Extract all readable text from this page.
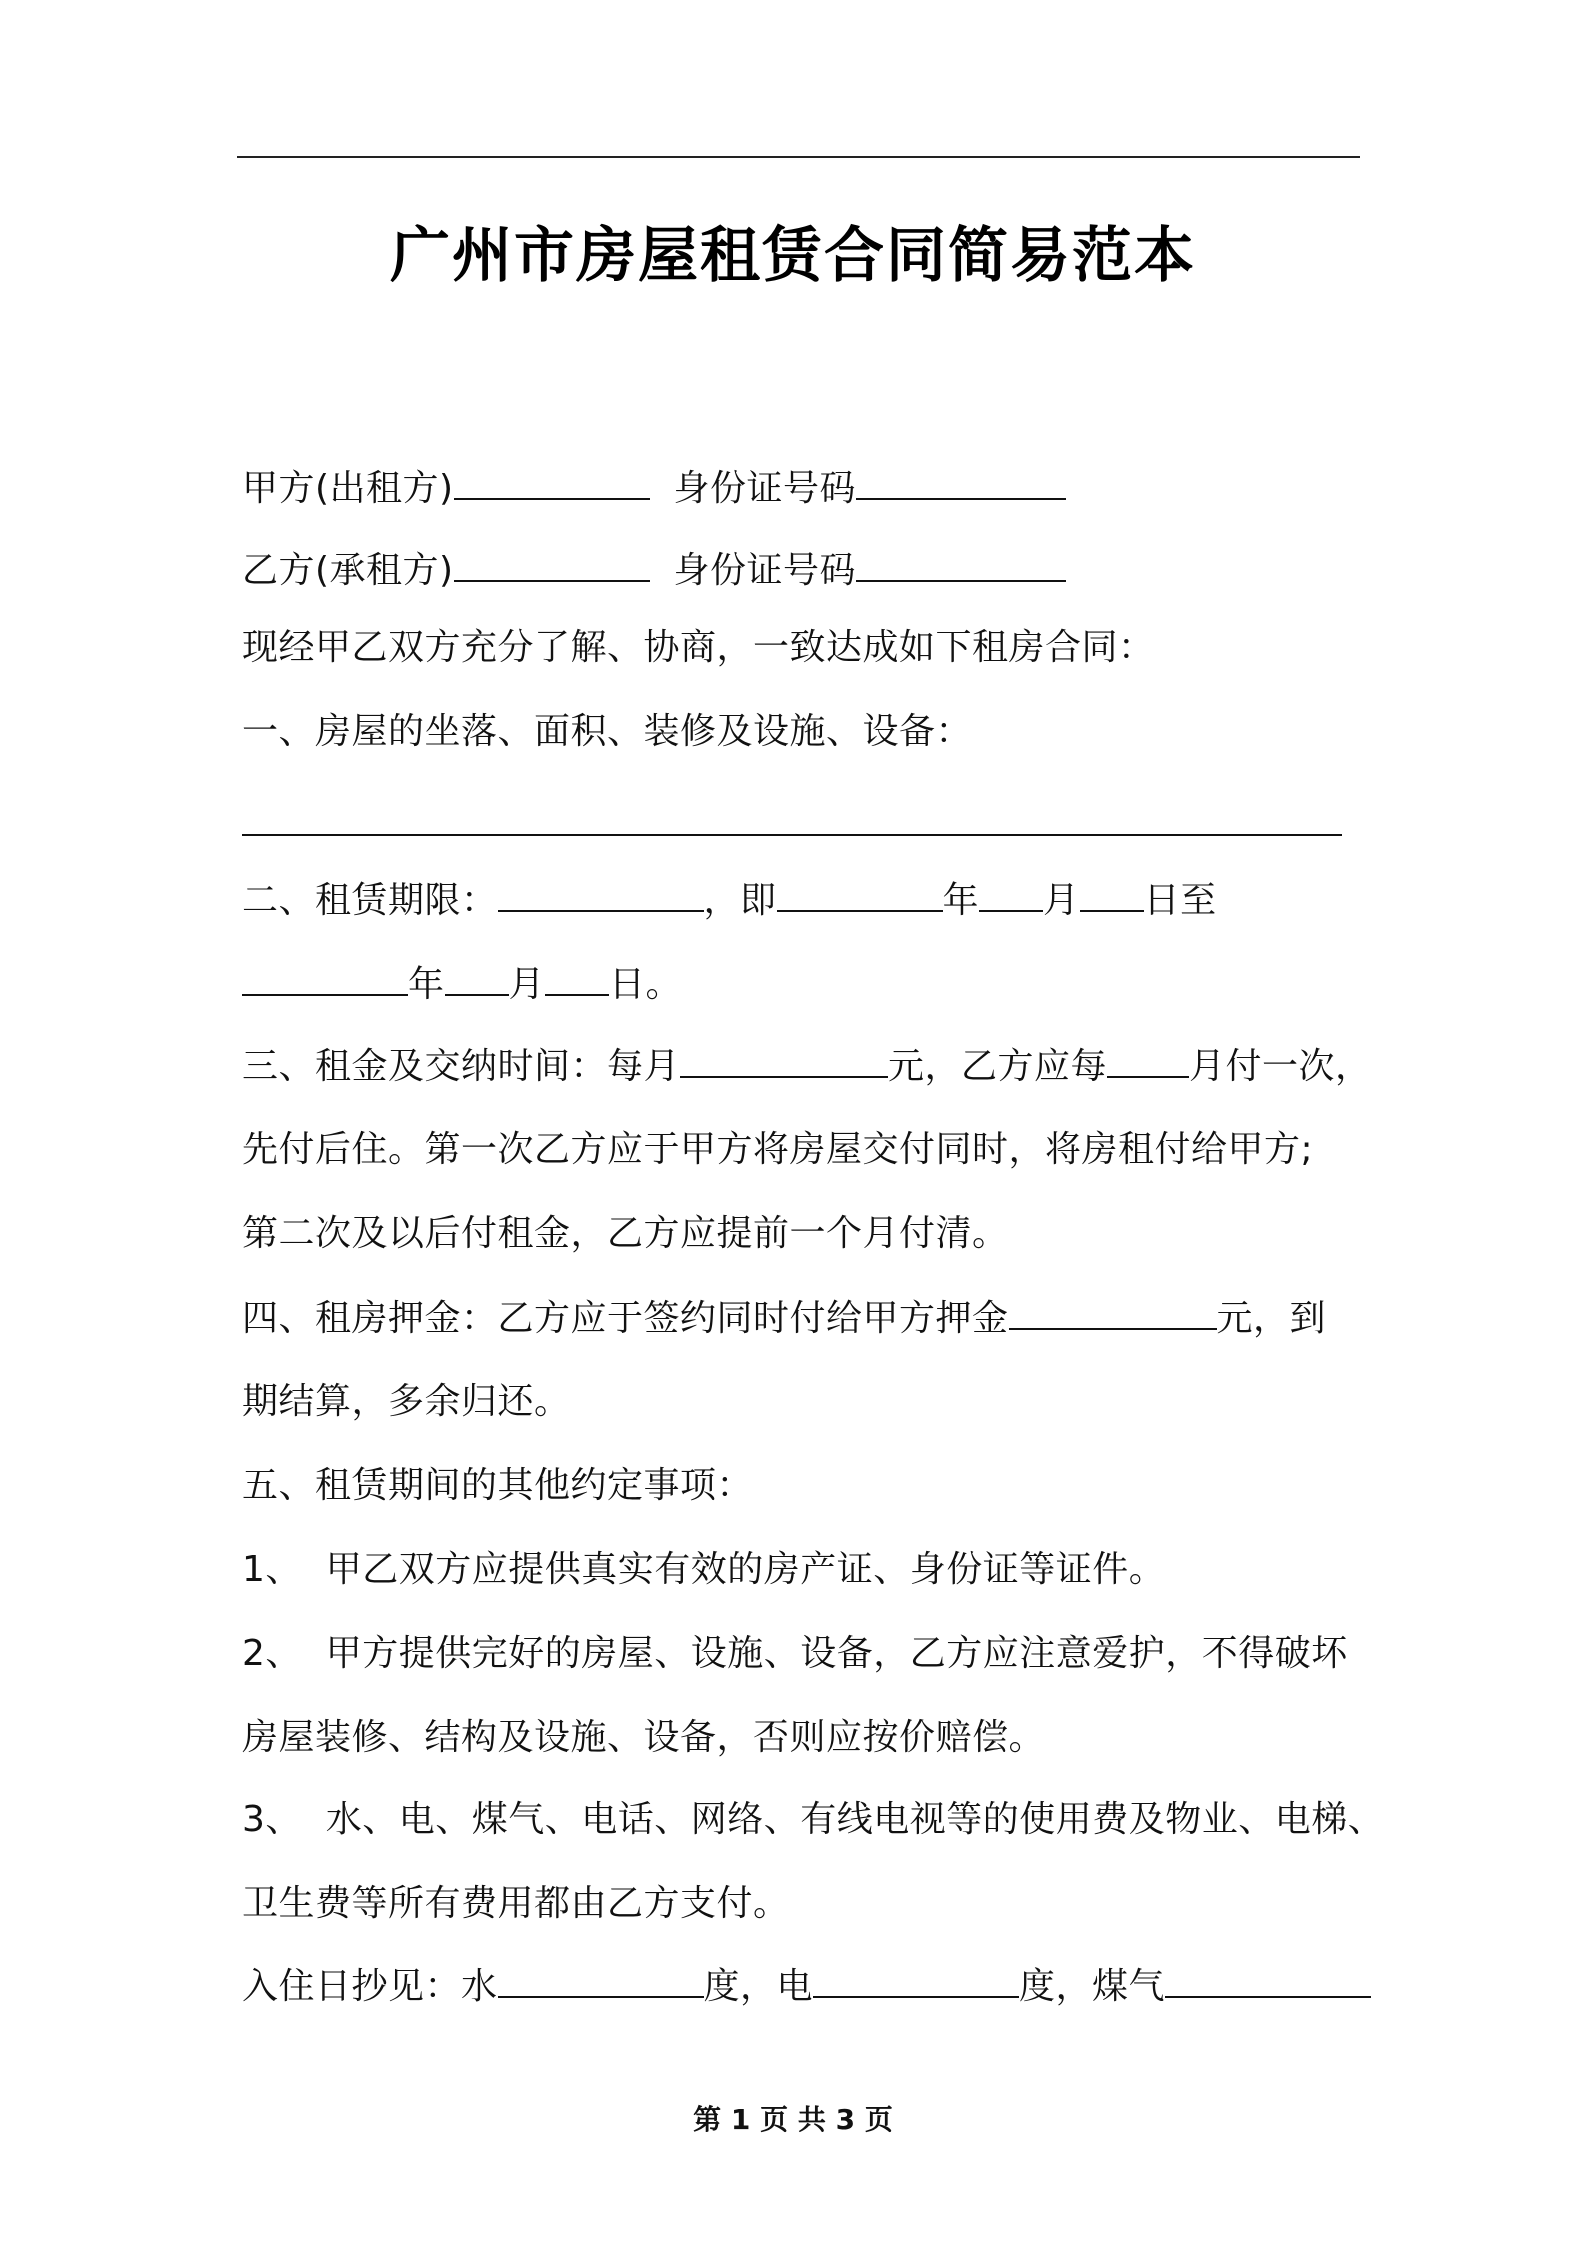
广州市房屋租赁合同简易范本
甲方(出租方)	身份证号码
乙方(承租方)	身份证号码
现经甲乙双方充分了解、协商，一致达成如下租房合同：
一、房屋的坐落、面积、装修及设施、设备：
二、租赁期限：	，即	年 月 日至
年 月 日。
三、租金及交纳时间：每月	元，乙方应每 月付一次，
先付后住。第一次乙方应于甲方将房屋交付同时，将房租付给甲方;
第二次及以后付租金，乙方应提前一个月付清。
四、租房押金：乙方应于签约同时付给甲方押金	元，到
期结算，多余归还。
五、租赁期间的其他约定事项：
1、  甲乙双方应提供真实有效的房产证、身份证等证件。
2、  甲方提供完好的房屋、设施、设备，乙方应注意爱护，不得破坏
房屋装修、结构及设施、设备，否则应按价赔偿。
3、  水、电、煤气、电话、网络、有线电视等的使用费及物业、电梯、
卫生费等所有费用都由乙方支付。
入住日抄见：水	度，电	度，煤气
第 1 页 共 3 页
